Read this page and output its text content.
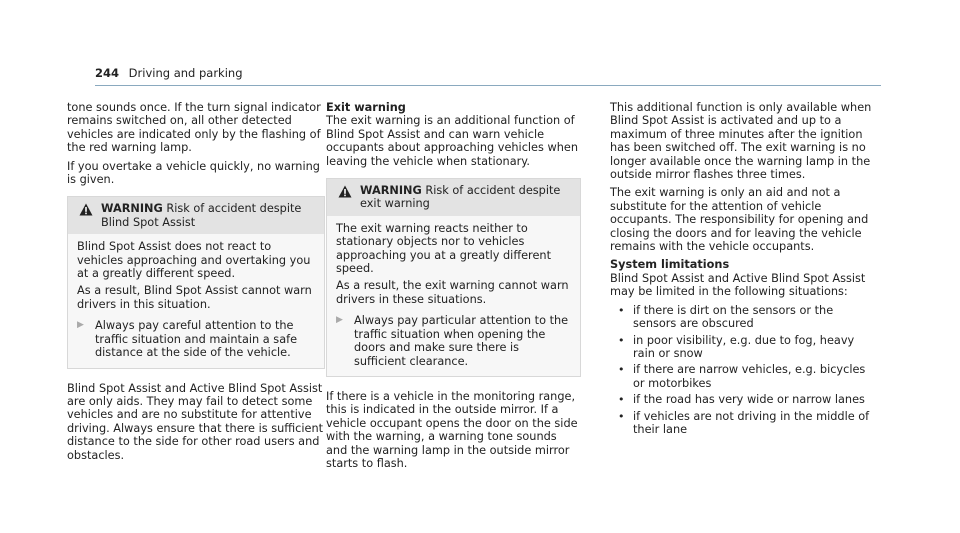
244 Driving and parking

tone sounds once. If the turn signal indicator remains switched on, all other detected vehicles are indicated only by the flashing of the red warning lamp.

If you overtake a vehicle quickly, no warning is given.

WARNING Risk of accident despite Blind Spot Assist

Blind Spot Assist does not react to vehicles approaching and overtaking you at a greatly different speed.

As a result, Blind Spot Assist cannot warn drivers in this situation.

▶ Always pay careful attention to the traffic situation and maintain a safe distance at the side of the vehicle.

Blind Spot Assist and Active Blind Spot Assist are only aids. They may fail to detect some vehicles and are no substitute for attentive driving. Always ensure that there is sufficient distance to the side for other road users and obstacles.

Exit warning

The exit warning is an additional function of Blind Spot Assist and can warn vehicle occupants about approaching vehicles when leaving the vehicle when stationary.

WARNING Risk of accident despite exit warning

The exit warning reacts neither to stationary objects nor to vehicles approaching you at a greatly different speed.

As a result, the exit warning cannot warn drivers in these situations.

▶ Always pay particular attention to the traffic situation when opening the doors and make sure there is sufficient clearance.

If there is a vehicle in the monitoring range, this is indicated in the outside mirror. If a vehicle occupant opens the door on the side with the warning, a warning tone sounds and the warning lamp in the outside mirror starts to flash.

This additional function is only available when Blind Spot Assist is activated and up to a maximum of three minutes after the ignition has been switched off. The exit warning is no longer available once the warning lamp in the outside mirror flashes three times.

The exit warning is only an aid and not a substitute for the attention of vehicle occupants. The responsibility for opening and closing the doors and for leaving the vehicle remains with the vehicle occupants.

System limitations

Blind Spot Assist and Active Blind Spot Assist may be limited in the following situations:

• if there is dirt on the sensors or the sensors are obscured
• in poor visibility, e.g. due to fog, heavy rain or snow
• if there are narrow vehicles, e.g. bicycles or motorbikes
• if the road has very wide or narrow lanes
• if vehicles are not driving in the middle of their lane
